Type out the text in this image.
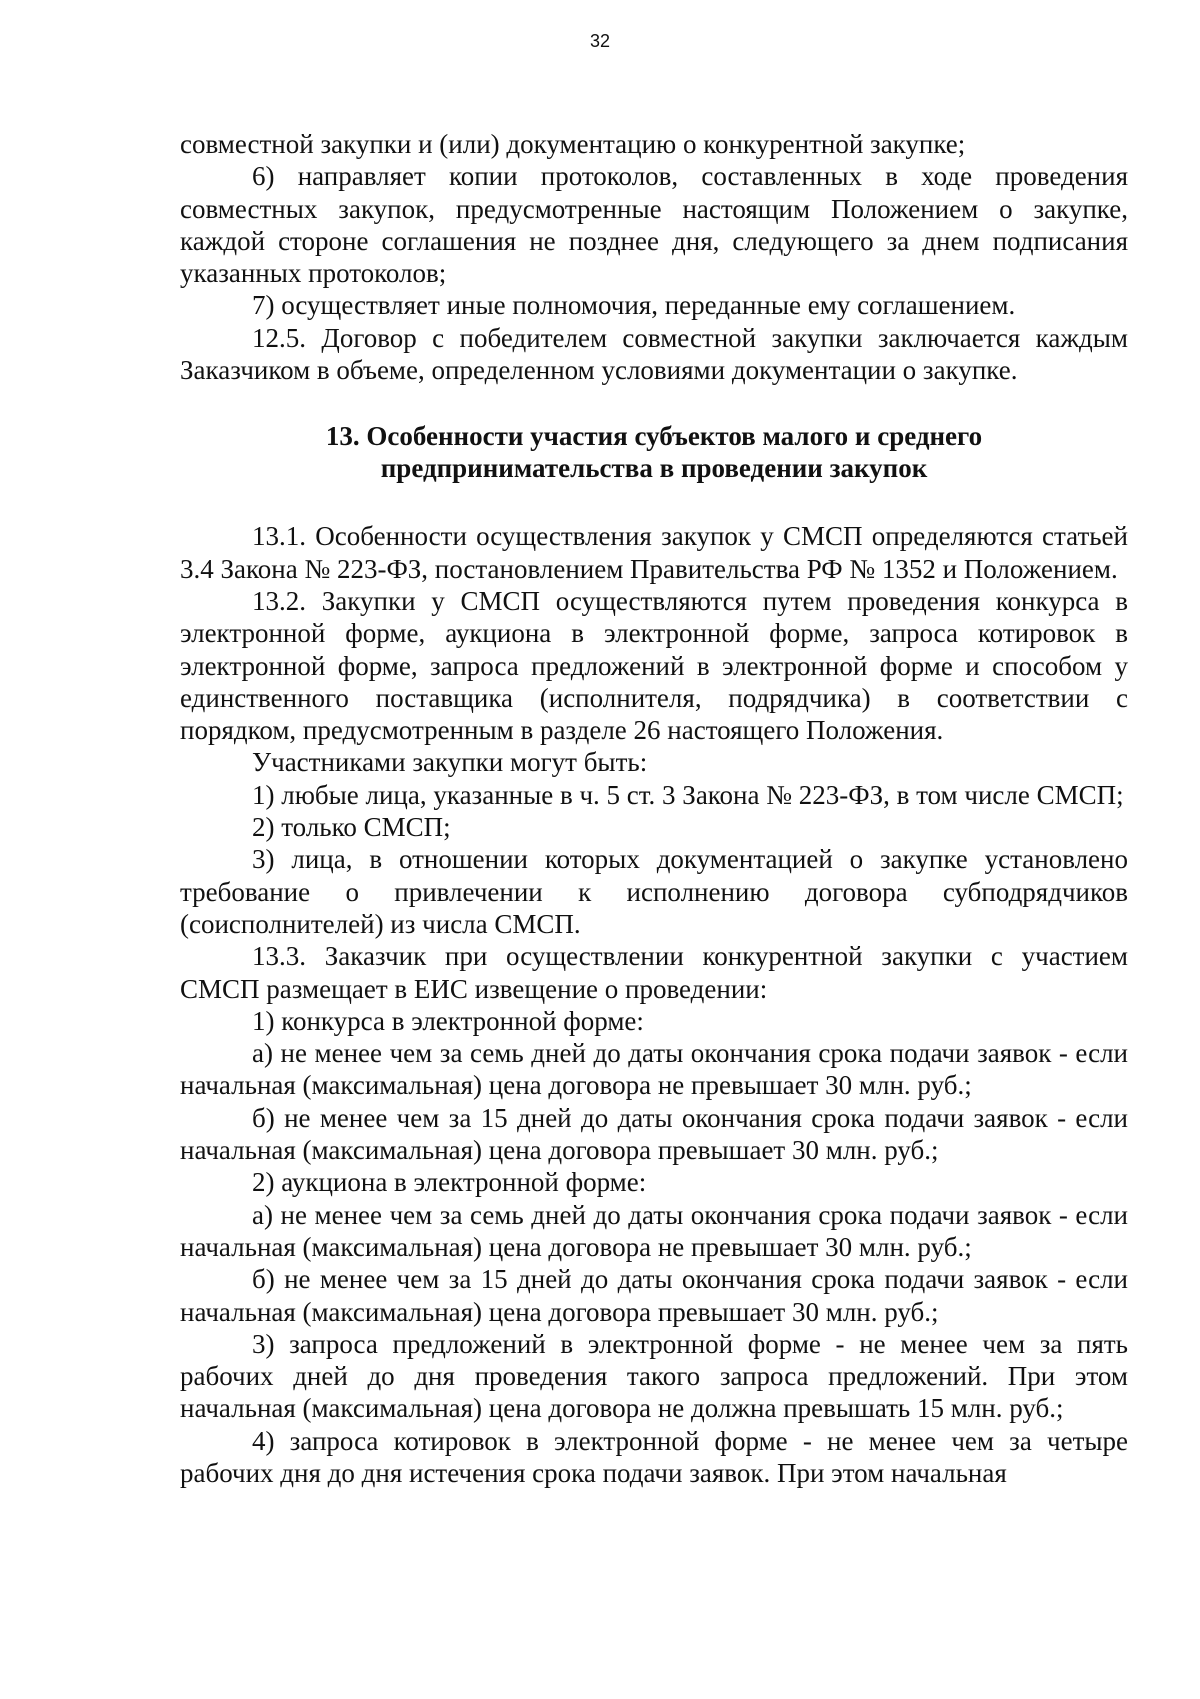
32

совместной закупки и (или) документацию о конкурентной закупке;

6) направляет копии протоколов, составленных в ходе проведения совместных закупок, предусмотренные настоящим Положением о закупке, каждой стороне соглашения не позднее дня, следующего за днем подписания указанных протоколов;

7) осуществляет иные полномочия, переданные ему соглашением.

12.5. Договор с победителем совместной закупки заключается каждым Заказчиком в объеме, определенном условиями документации о закупке.

13. Особенности участия субъектов малого и среднего
предпринимательства в проведении закупок

13.1. Особенности осуществления закупок у СМСП определяются статьей 3.4 Закона № 223-ФЗ, постановлением Правительства РФ № 1352 и Положением.

13.2. Закупки у СМСП осуществляются путем проведения конкурса в электронной форме, аукциона в электронной форме, запроса котировок в электронной форме, запроса предложений в электронной форме и способом у единственного поставщика (исполнителя, подрядчика) в соответствии с порядком, предусмотренным в разделе 26 настоящего Положения.

Участниками закупки могут быть:

1) любые лица, указанные в ч. 5 ст. 3 Закона № 223-ФЗ, в том числе СМСП;

2) только СМСП;

3) лица, в отношении которых документацией о закупке установлено требование о привлечении к исполнению договора субподрядчиков (соисполнителей) из числа СМСП.

13.3. Заказчик при осуществлении конкурентной закупки с участием СМСП размещает в ЕИС извещение о проведении:

1) конкурса в электронной форме:

а) не менее чем за семь дней до даты окончания срока подачи заявок - если начальная (максимальная) цена договора не превышает 30 млн. руб.;

б) не менее чем за 15 дней до даты окончания срока подачи заявок - если начальная (максимальная) цена договора превышает 30 млн. руб.;

2) аукциона в электронной форме:

а) не менее чем за семь дней до даты окончания срока подачи заявок - если начальная (максимальная) цена договора не превышает 30 млн. руб.;

б) не менее чем за 15 дней до даты окончания срока подачи заявок - если начальная (максимальная) цена договора превышает 30 млн. руб.;

3) запроса предложений в электронной форме - не менее чем за пять рабочих дней до дня проведения такого запроса предложений. При этом начальная (максимальная) цена договора не должна превышать 15 млн. руб.;

4) запроса котировок в электронной форме - не менее чем за четыре рабочих дня до дня истечения срока подачи заявок. При этом начальная
